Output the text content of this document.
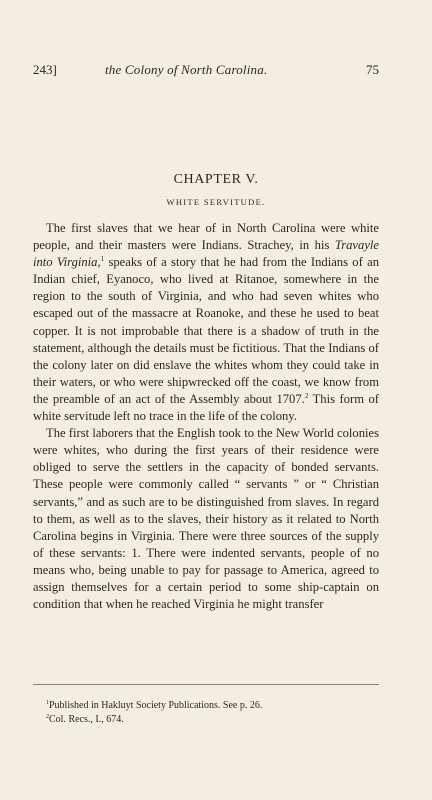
243]	the Colony of North Carolina.	75
CHAPTER V.
WHITE SERVITUDE.

The first slaves that we hear of in North Carolina were white people, and their masters were Indians. Strachey, in his Travayle into Virginia,$^1$ speaks of a story that he had from the Indians of an Indian chief, Eyanoco, who lived at Ritanoe, somewhere in the region to the south of Virginia, and who had seven whites who escaped out of the massacre at Roanoke, and these he used to beat copper. It is not improbable that there is a shadow of truth in the statement, although the details must be fictitious. That the Indians of the colony later on did enslave the whites whom they could take in their waters, or who were shipwrecked off the coast, we know from the preamble of an act of the Assembly about 1707.$^2$ This form of white servitude left no trace in the life of the colony.

The first laborers that the English took to the New World colonies were whites, who during the first years of their residence were obliged to serve the settlers in the capacity of bonded servants. These people were commonly called “ servants ” or “ Christian servants,” and as such are to be distinguished from slaves. In regard to them, as well as to the slaves, their history as it related to North Carolina begins in Virginia. There were three sources of the supply of these servants: 1. There were indented servants, people of no means who, being unable to pay for passage to America, agreed to assign themselves for a certain period to some ship-captain on condition that when he reached Virginia he might transfer

$^1$Published in Hakluyt Society Publications. See p. 26.
$^2$Col. Recs., I., 674.
